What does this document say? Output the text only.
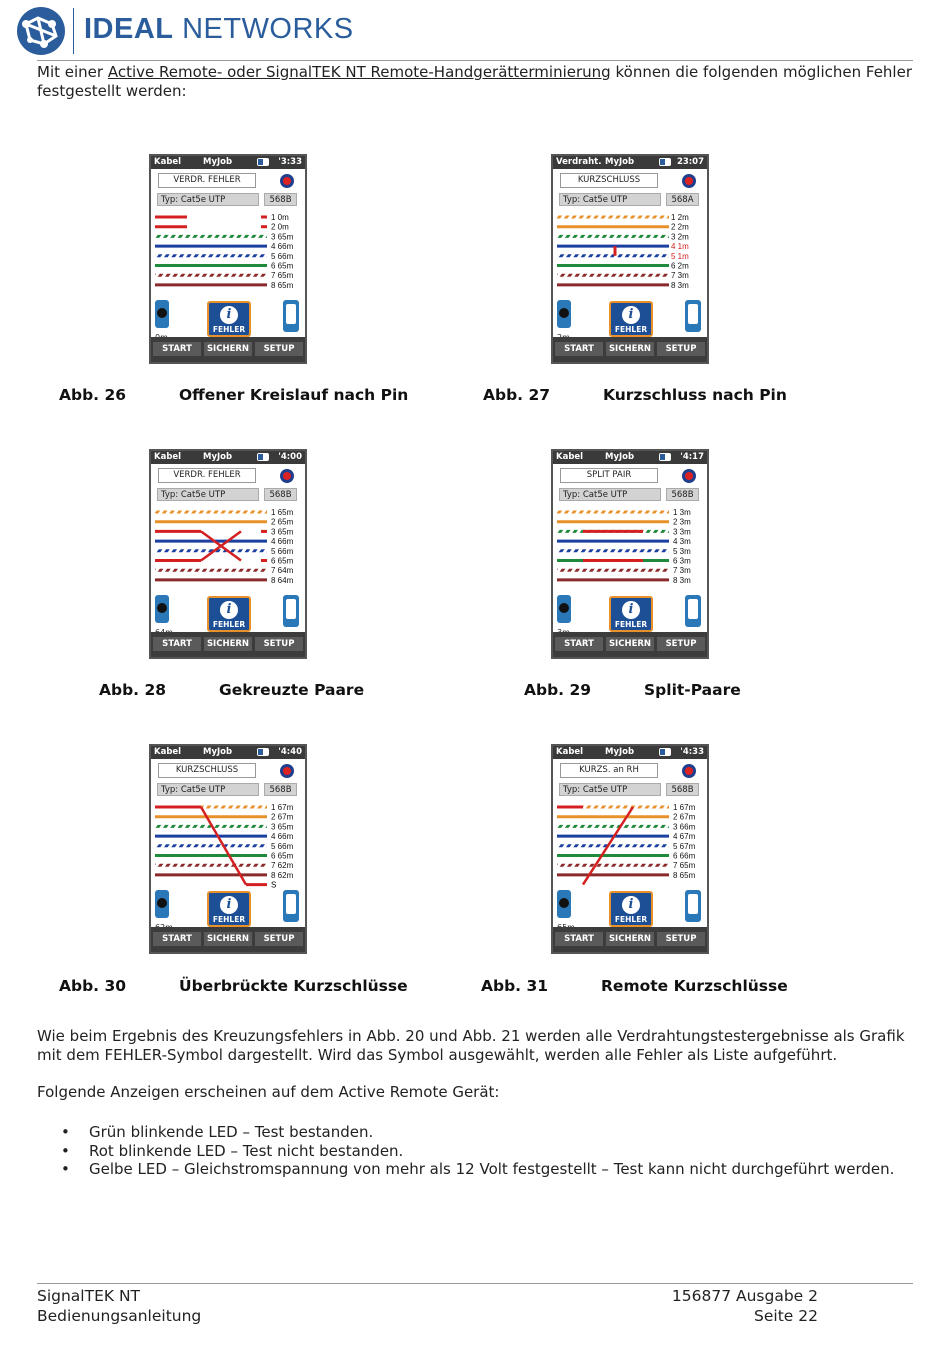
IDEAL NETWORKS
Mit einer Active Remote- oder SignalTEK NT Remote-Handgerätterminierung können die folgenden möglichen Fehler festgestellt werden:
Kabel	MyJob	'3:33
VERDR. FEHLER
Typ: Cat5e UTP	568B
i
FEHLER
1 0m
2 0m
3 65m
4 66m
5 66m
6 65m
7 65m
8 65m
START	SICHERN	SETUP
Verdraht. MyJob	23:07
KURZSCHLUSS
Typ: Cat5e UTP	568A
i
FEHLER
1 2m
2 2m
3 2m
4 1m
5 1m
6 2m
7 3m
8 3m
START	SICHERN	SETUP
Kabel	MyJob	'4:00
VERDR. FEHLER
Typ: Cat5e UTP	568B
i
FEHLER
1 65m
2 65m
3 65m
4 66m
5 66m
6 65m
7 64m
8 64m
START	SICHERN	SETUP
Kabel	MyJob	'4:17
SPLIT PAIR
Typ: Cat5e UTP	568B
i
FEHLER
1 3m
2 3m
3 3m
4 3m
5 3m
6 3m
7 3m
8 3m
START	SICHERN	SETUP
Kabel	MyJob	'4:40
KURZSCHLUSS
Typ: Cat5e UTP	568B
i
FEHLER
1 67m
2 67m
3 65m
4 66m
5 66m
6 65m
7 62m
8 62m
S
START	SICHERN	SETUP
Kabel	MyJob	'4:33
KURZS. an RH
Typ: Cat5e UTP	568B
i
FEHLER
1 67m
2 67m
3 66m
4 67m
5 67m
6 66m
7 65m
8 65m
START	SICHERN	SETUP
Abb. 26	Offener Kreislauf nach Pin	Abb. 27	Kurzschluss nach Pin
Abb. 28	Gekreuzte Paare	Abb. 29	Split-Paare
Abb. 30	Überbrückte Kurzschlüsse	Abb. 31	Remote Kurzschlüsse
Wie beim Ergebnis des Kreuzungsfehlers in Abb. 20 und Abb. 21 werden alle Verdrahtungstestergebnisse als Grafik mit dem FEHLER-Symbol dargestellt. Wird das Symbol ausgewählt, werden alle Fehler als Liste aufgeführt.
Folgende Anzeigen erscheinen auf dem Active Remote Gerät:
• Grün blinkende LED – Test bestanden.
• Rot blinkende LED – Test nicht bestanden.
• Gelbe LED – Gleichstromspannung von mehr als 12 Volt festgestellt – Test kann nicht durchgeführt werden.
SignalTEK NT
Bedienungsanleitung
156877 Ausgabe 2
Seite 22
